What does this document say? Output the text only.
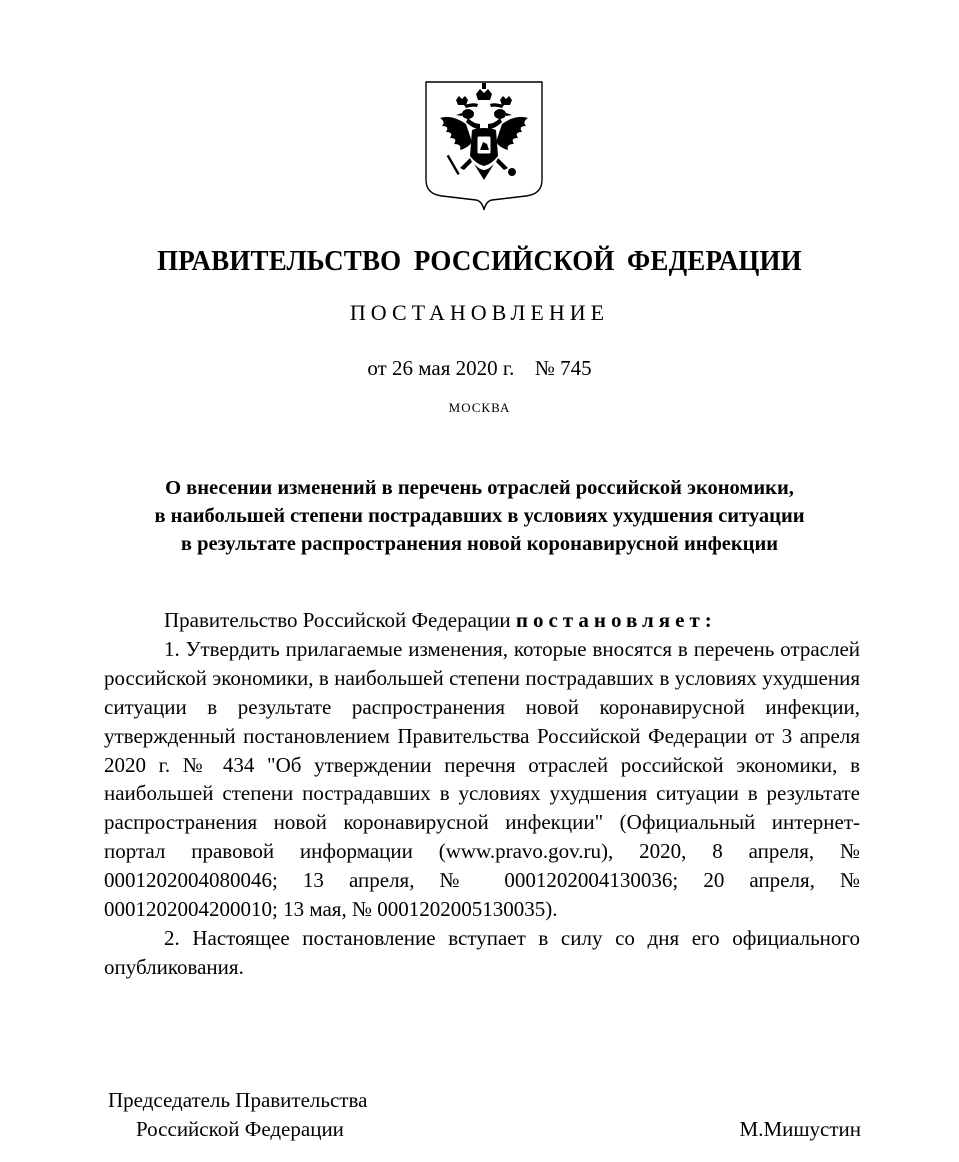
ПРАВИТЕЛЬСТВО РОССИЙСКОЙ ФЕДЕРАЦИИ
ПОСТАНОВЛЕНИЕ
от 26 мая 2020 г. № 745
МОСКВА
О внесении изменений в перечень отраслей российской экономики,
в наибольшей степени пострадавших в условиях ухудшения ситуации
в результате распространения новой коронавирусной инфекции

Правительство Российской Федерации постановляет:

1. Утвердить прилагаемые изменения, которые вносятся в перечень отраслей российской экономики, в наибольшей степени пострадавших в условиях ухудшения ситуации в результате распространения новой коронавирусной инфекции, утвержденный постановлением Правительства Российской Федерации от 3 апреля 2020 г. № 434 "Об утверждении перечня отраслей российской экономики, в наибольшей степени пострадавших в условиях ухудшения ситуации в результате распространения новой коронавирусной инфекции" (Официальный интернет-портал правовой информации (www.pravo.gov.ru), 2020, 8 апреля, № 0001202004080046; 13 апреля, № 0001202004130036; 20 апреля, № 0001202004200010; 13 мая, № 0001202005130035).

2. Настоящее постановление вступает в силу со дня его официального опубликования.

Председатель Правительства
Российской Федерации	М.Мишустин
